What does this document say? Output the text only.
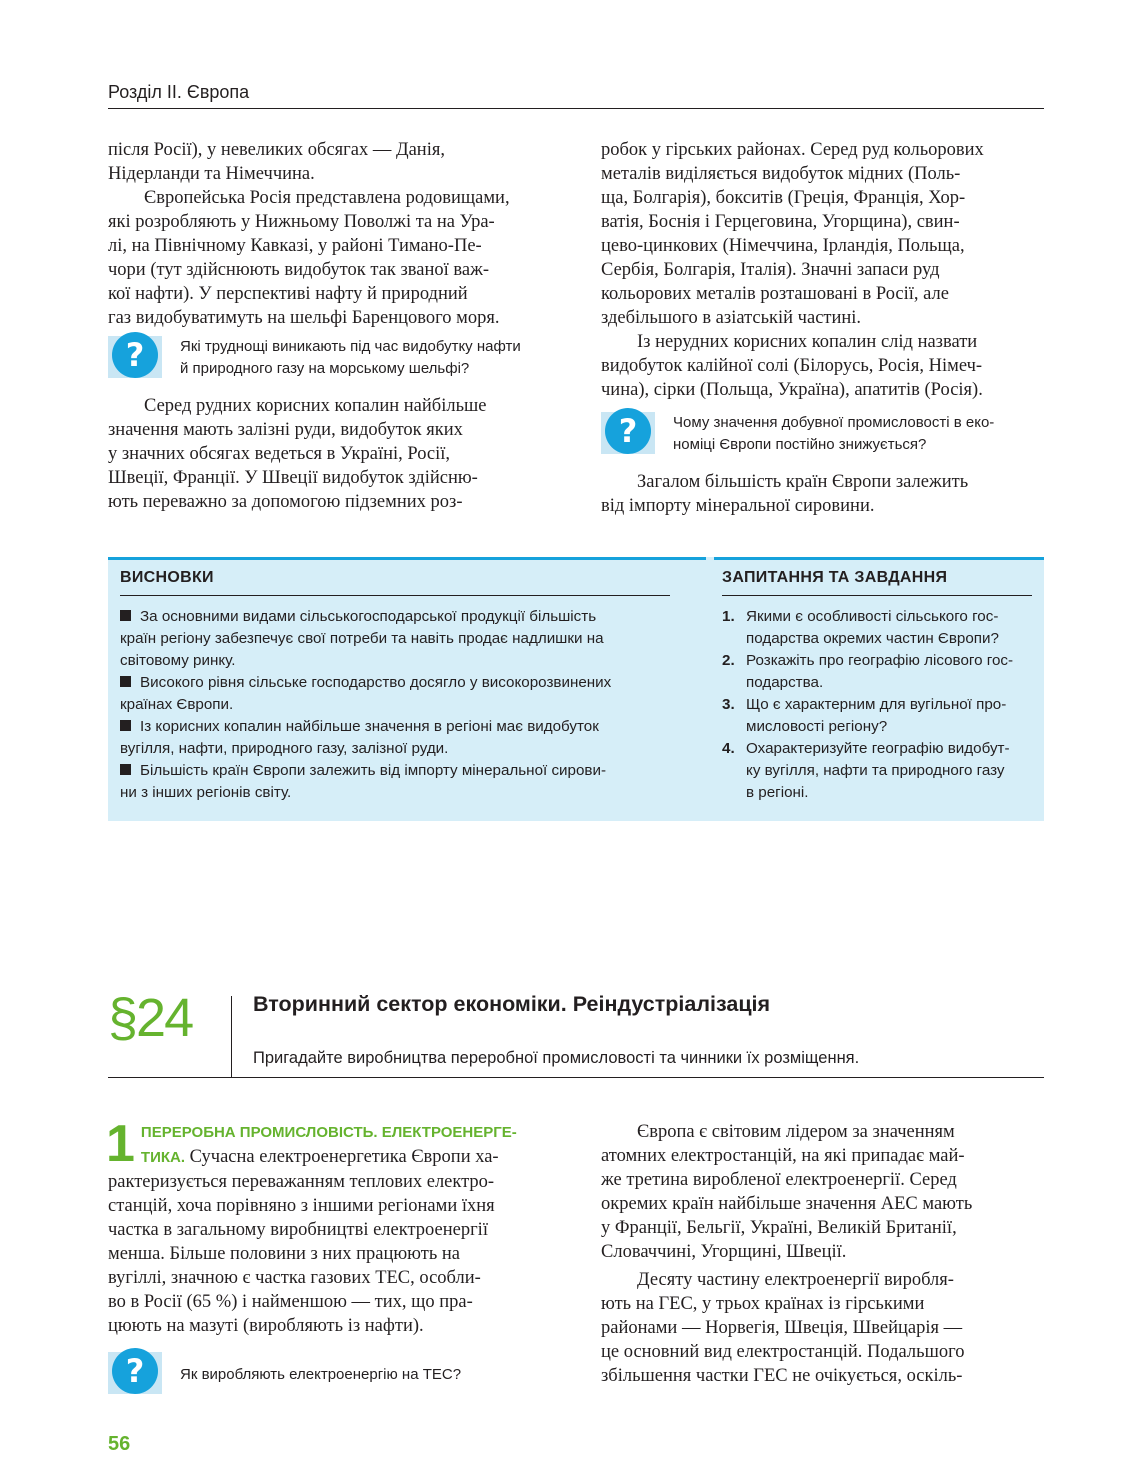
Розділ ІІ. Європа

після Росії), у невеликих обсягах — Данія,
Нідерланди та Німеччина.

Європейська Росія представлена родовищами,
які розробляють у Нижньому Поволжі та на Ура-
лі, на Північному Кавказі, у районі Тимано-Пе-
чори (тут здійснюють видобуток так званої важ-
кої нафти). У перспективі нафту й природний
газ видобуватимуть на шельфі Баренцового моря.

?	Які труднощі виникають під час видобутку нафти
й природного газу на морському шельфі?

Серед рудних корисних копалин найбільше
значення мають залізні руди, видобуток яких
у значних обсягах ведеться в Україні, Росії,
Швеції, Франції. У Швеції видобуток здійсню-
ють переважно за допомогою підземних роз-

робок у гірських районах. Серед руд кольорових
металів виділяється видобуток мідних (Поль-
ща, Болгарія), бокситів (Греція, Франція, Хор-
ватія, Боснія і Герцеговина, Угорщина), свин-
цево-цинкових (Німеччина, Ірландія, Польща,
Сербія, Болгарія, Італія). Значні запаси руд
кольорових металів розташовані в Росії, але
здебільшого в азіатській частині.

Із нерудних корисних копалин слід назвати
видобуток калійної солі (Білорусь, Росія, Німеч-
чина), сірки (Польща, Україна), апатитів (Росія).

?	Чому значення добувної промисловості в еко-
номіці Європи постійно знижується?

Загалом більшість країн Європи залежить
від імпорту мінеральної сировини.

ВИСНОВКИ
За основними видами сільськогосподарської продукції більшість
країн регіону забезпечує свої потреби та навіть продає надлишки на
світовому ринку.
Високого рівня сільське господарство досягло у високорозвинених
країнах Європи.
Із корисних копалин найбільше значення в регіоні має видобуток
вугілля, нафти, природного газу, залізної руди.
Більшість країн Європи залежить від імпорту мінеральної сирови-
ни з інших регіонів світу.
ЗАПИТАННЯ ТА ЗАВДАННЯ
1. Якими є особливості сільського гос-
подарства окремих частин Європи?
2. Розкажіть про географію лісового гос-
подарства.
3. Що є характерним для вугільної про-
мисловості регіону?
4. Охарактеризуйте географію видобут-
ку вугілля, нафти та природного газу
в регіоні.
§24	Вторинний сектор економіки. Реіндустріалізація
Пригадайте виробництва переробної промисловості та чинники їх розміщення.

1 ПЕРЕРОБНА ПРОМИСЛОВІСТЬ. ЕЛЕКТРОЕНЕРГЕ-
ТИКА. Сучасна електроенергетика Європи ха-
рактеризується переважанням теплових електро-
станцій, хоча порівняно з іншими регіонами їхня
частка в загальному виробництві електроенергії
менша. Більше половини з них працюють на
вугіллі, значною є частка газових ТЕС, особли-
во в Росії (65 %) і найменшою — тих, що пра-
цюють на мазуті (виробляють із нафти).

?	Як виробляють електроенергію на ТЕС?

Європа є світовим лідером за значенням
атомних електростанцій, на які припадає май-
же третина виробленої електроенергії. Серед
окремих країн найбільше значення АЕС мають
у Франції, Бельгії, Україні, Великій Британії,
Словаччині, Угорщині, Швеції.

Десяту частину електроенергії виробля-
ють на ГЕС, у трьох країнах із гірськими
районами — Норвегія, Швеція, Швейцарія —
це основний вид електростанцій. Подальшого
збільшення частки ГЕС не очікується, оскіль-

56
